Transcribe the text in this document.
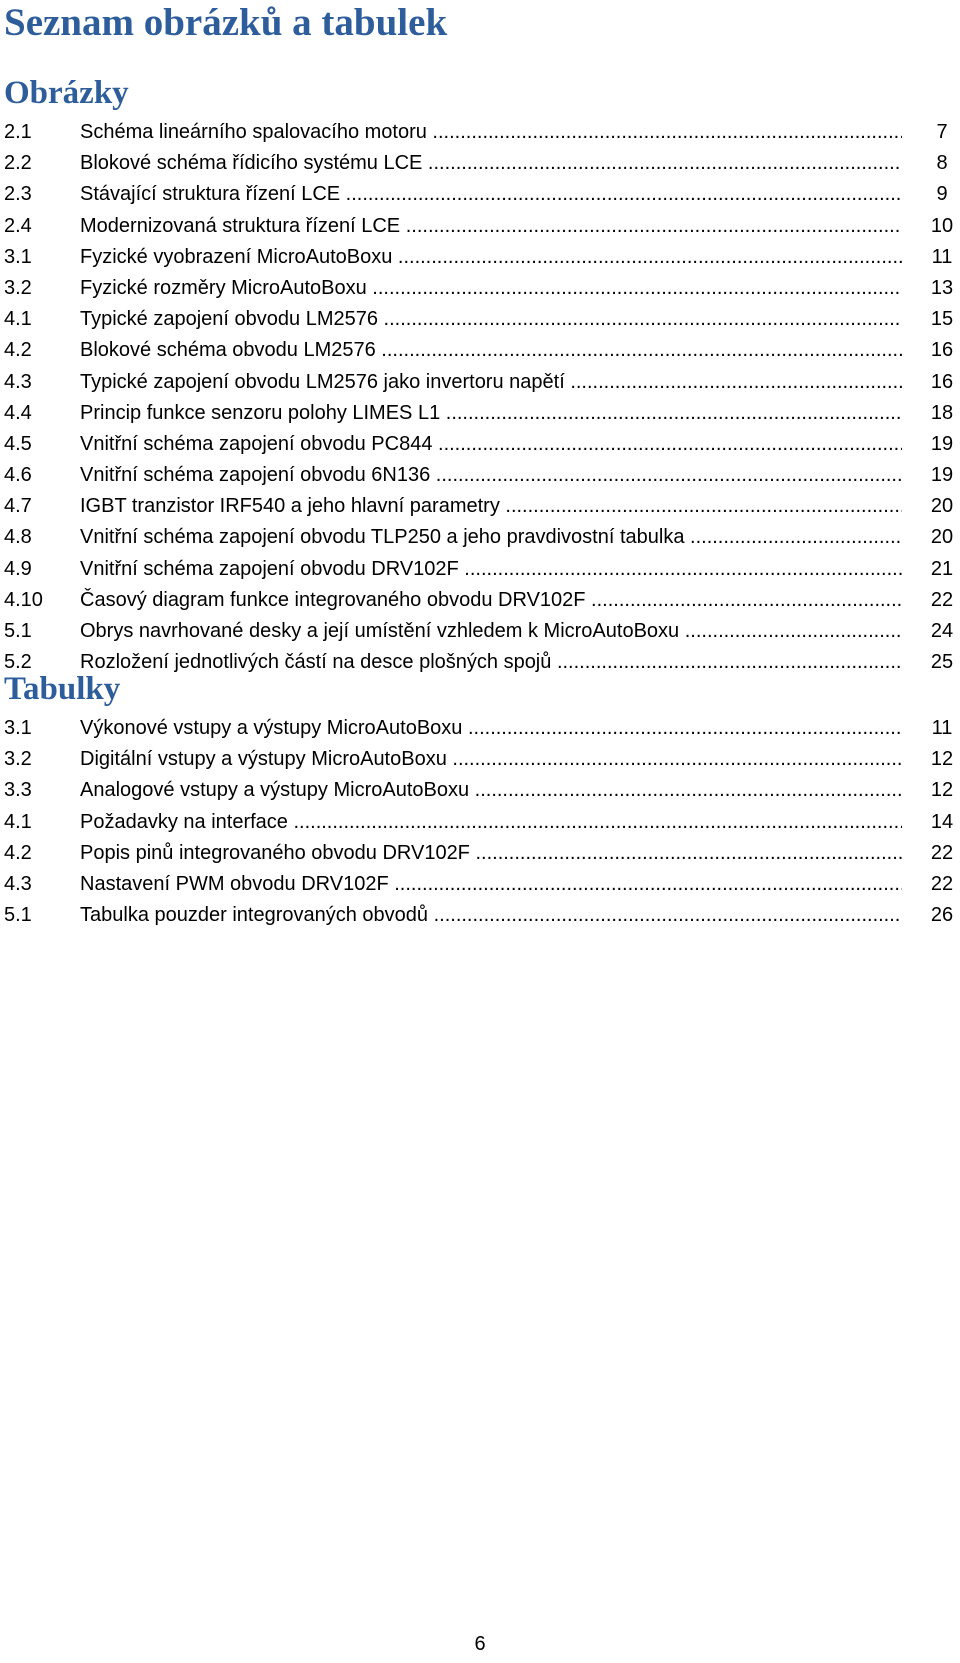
Seznam obrázků a tabulek
Obrázky
2.1 Schéma lineárního spalovacího motoru .....	7
2.2 Blokové schéma řídicího systému LCE .....	8
2.3 Stávající struktura řízení LCE .....	9
2.4 Modernizovaná struktura řízení LCE .....	10
3.1 Fyzické vyobrazení MicroAutoBoxu .....	11
3.2 Fyzické rozměry MicroAutoBoxu .....	13
4.1 Typické zapojení obvodu LM2576 .....	15
4.2 Blokové schéma obvodu LM2576 .....	16
4.3 Typické zapojení obvodu LM2576 jako invertoru napětí .....	16
4.4 Princip funkce senzoru polohy LIMES L1 .....	18
4.5 Vnitřní schéma zapojení obvodu PC844 .....	19
4.6 Vnitřní schéma zapojení obvodu 6N136 .....	19
4.7 IGBT tranzistor IRF540 a jeho hlavní parametry .....	20
4.8 Vnitřní schéma zapojení obvodu TLP250 a jeho pravdivostní tabulka .....	20
4.9 Vnitřní schéma zapojení obvodu DRV102F .....	21
4.10 Časový diagram funkce integrovaného obvodu DRV102F .....	22
5.1 Obrys navrhované desky a její umístění vzhledem k MicroAutoBoxu .....	24
5.2 Rozložení jednotlivých částí na desce plošných spojů .....	25
Tabulky
3.1 Výkonové vstupy a výstupy MicroAutoBoxu .....	11
3.2 Digitální vstupy a výstupy MicroAutoBoxu .....	12
3.3 Analogové vstupy a výstupy MicroAutoBoxu .....	12
4.1 Požadavky na interface .....	14
4.2 Popis pinů integrovaného obvodu DRV102F .....	22
4.3 Nastavení PWM obvodu DRV102F .....	22
5.1 Tabulka pouzder integrovaných obvodů .....	26
6
